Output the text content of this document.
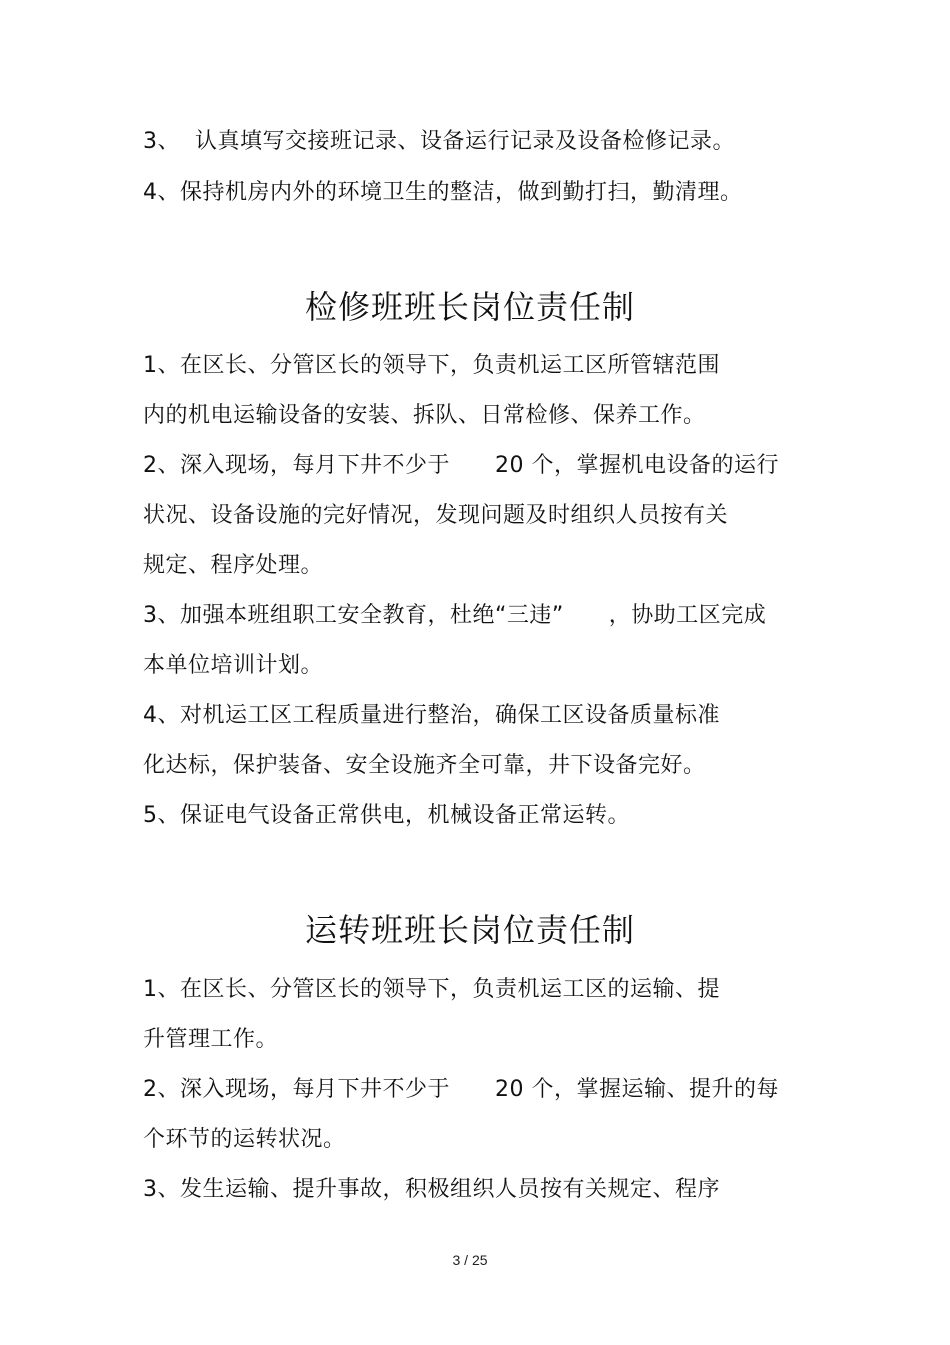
3、  认真填写交接班记录、设备运行记录及设备检修记录。
4、保持机房内外的环境卫生的整洁，做到勤打扫，勤清理。
检修班班长岗位责任制
1、在区长、分管区长的领导下，负责机运工区所管辖范围
内的机电运输设备的安装、拆队、日常检修、保养工作。
2、深入现场，每月下井不少于      20 个，掌握机电设备的运行
状况、设备设施的完好情况，发现问题及时组织人员按有关
规定、程序处理。
3、加强本班组职工安全教育，杜绝“三违”      ，协助工区完成
本单位培训计划。
4、对机运工区工程质量进行整治，确保工区设备质量标准
化达标，保护装备、安全设施齐全可靠，井下设备完好。
5、保证电气设备正常供电，机械设备正常运转。
运转班班长岗位责任制
1、在区长、分管区长的领导下，负责机运工区的运输、提
升管理工作。
2、深入现场，每月下井不少于      20 个，掌握运输、提升的每
个环节的运转状况。
3、发生运输、提升事故，积极组织人员按有关规定、程序
3 / 25
